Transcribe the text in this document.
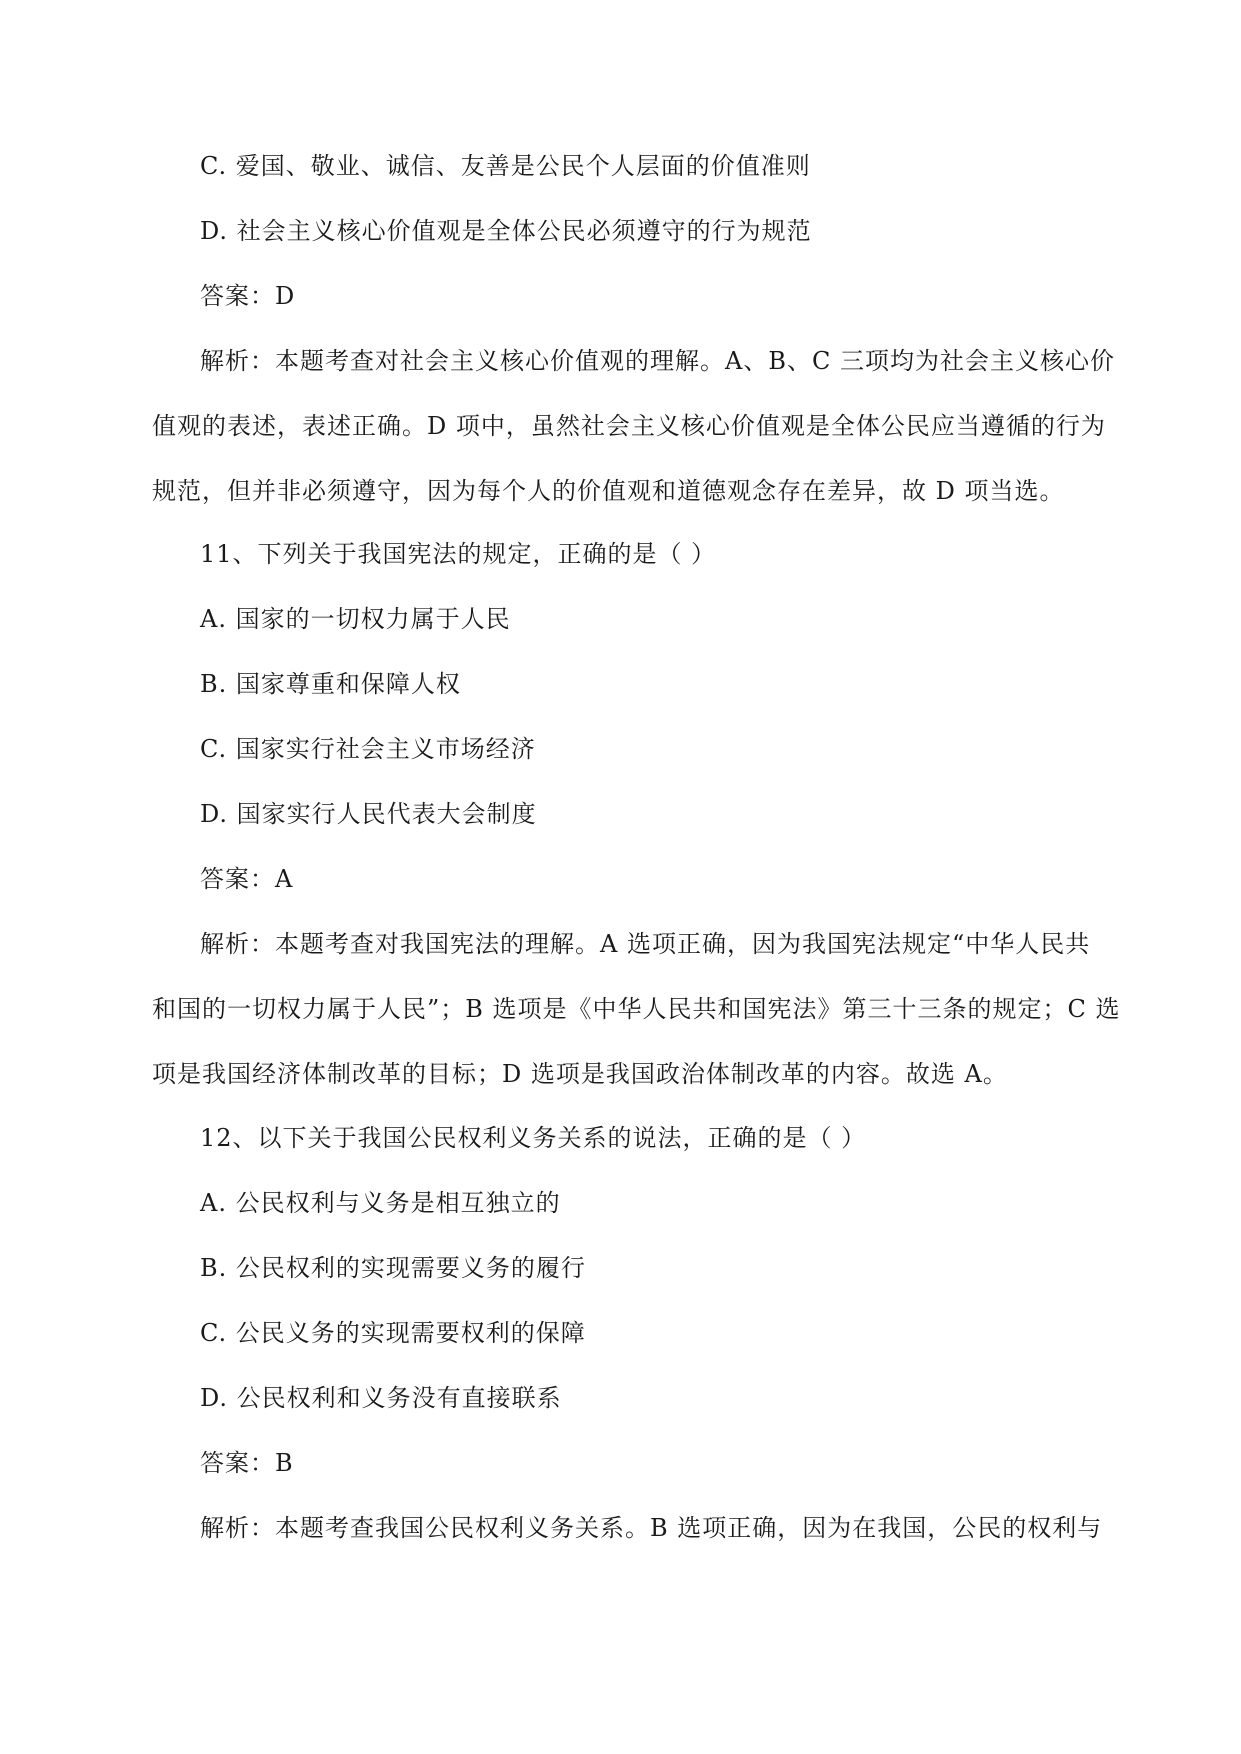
C. 爱国、敬业、诚信、友善是公民个人层面的价值准则
D. 社会主义核心价值观是全体公民必须遵守的行为规范
答案：D
解析：本题考查对社会主义核心价值观的理解。A、B、C 三项均为社会主义核心价
值观的表述，表述正确。D 项中，虽然社会主义核心价值观是全体公民应当遵循的行为
规范，但并非必须遵守，因为每个人的价值观和道德观念存在差异，故 D 项当选。
11、下列关于我国宪法的规定，正确的是（ ）
A. 国家的一切权力属于人民
B. 国家尊重和保障人权
C. 国家实行社会主义市场经济
D. 国家实行人民代表大会制度
答案：A
解析：本题考查对我国宪法的理解。A 选项正确，因为我国宪法规定“中华人民共
和国的一切权力属于人民”；B 选项是《中华人民共和国宪法》第三十三条的规定；C 选
项是我国经济体制改革的目标；D 选项是我国政治体制改革的内容。故选 A。
12、以下关于我国公民权利义务关系的说法，正确的是（ ）
A. 公民权利与义务是相互独立的
B. 公民权利的实现需要义务的履行
C. 公民义务的实现需要权利的保障
D. 公民权利和义务没有直接联系
答案：B
解析：本题考查我国公民权利义务关系。B 选项正确，因为在我国，公民的权利与
